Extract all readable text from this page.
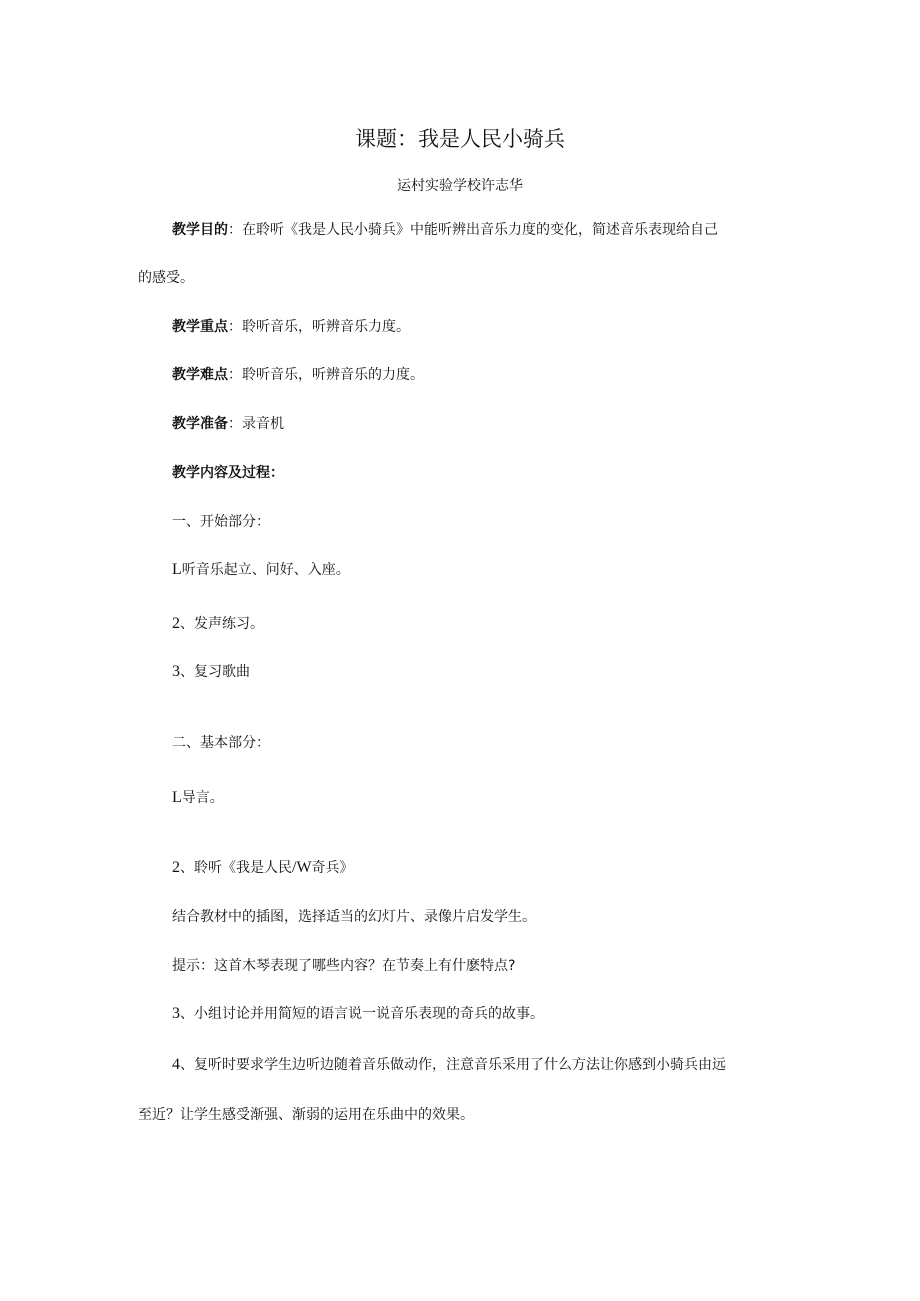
课题：我是人民小骑兵
运村实验学校许志华
教学目的：在聆听《我是人民小骑兵》中能听辨出音乐力度的变化，简述音乐表现给自己
的感受。
教学重点：聆听音乐，听辨音乐力度。
教学难点：聆听音乐，听辨音乐的力度。
教学准备：录音机
教学内容及过程：
一、开始部分：
L听音乐起立、问好、入座。
2、发声练习。
3、复习歌曲
二、基本部分：
L导言。
2、聆听《我是人民/W奇兵》
结合教材中的插图，选择适当的幻灯片、录像片启发学生。
提示：这首木琴表现了哪些内容？在节奏上有什麽特点?
3、小组讨论并用简短的语言说一说音乐表现的奇兵的故事。
4、复听时要求学生边听边随着音乐做动作，注意音乐采用了什么方法让你感到小骑兵由远
至近？让学生感受渐强、渐弱的运用在乐曲中的效果。
